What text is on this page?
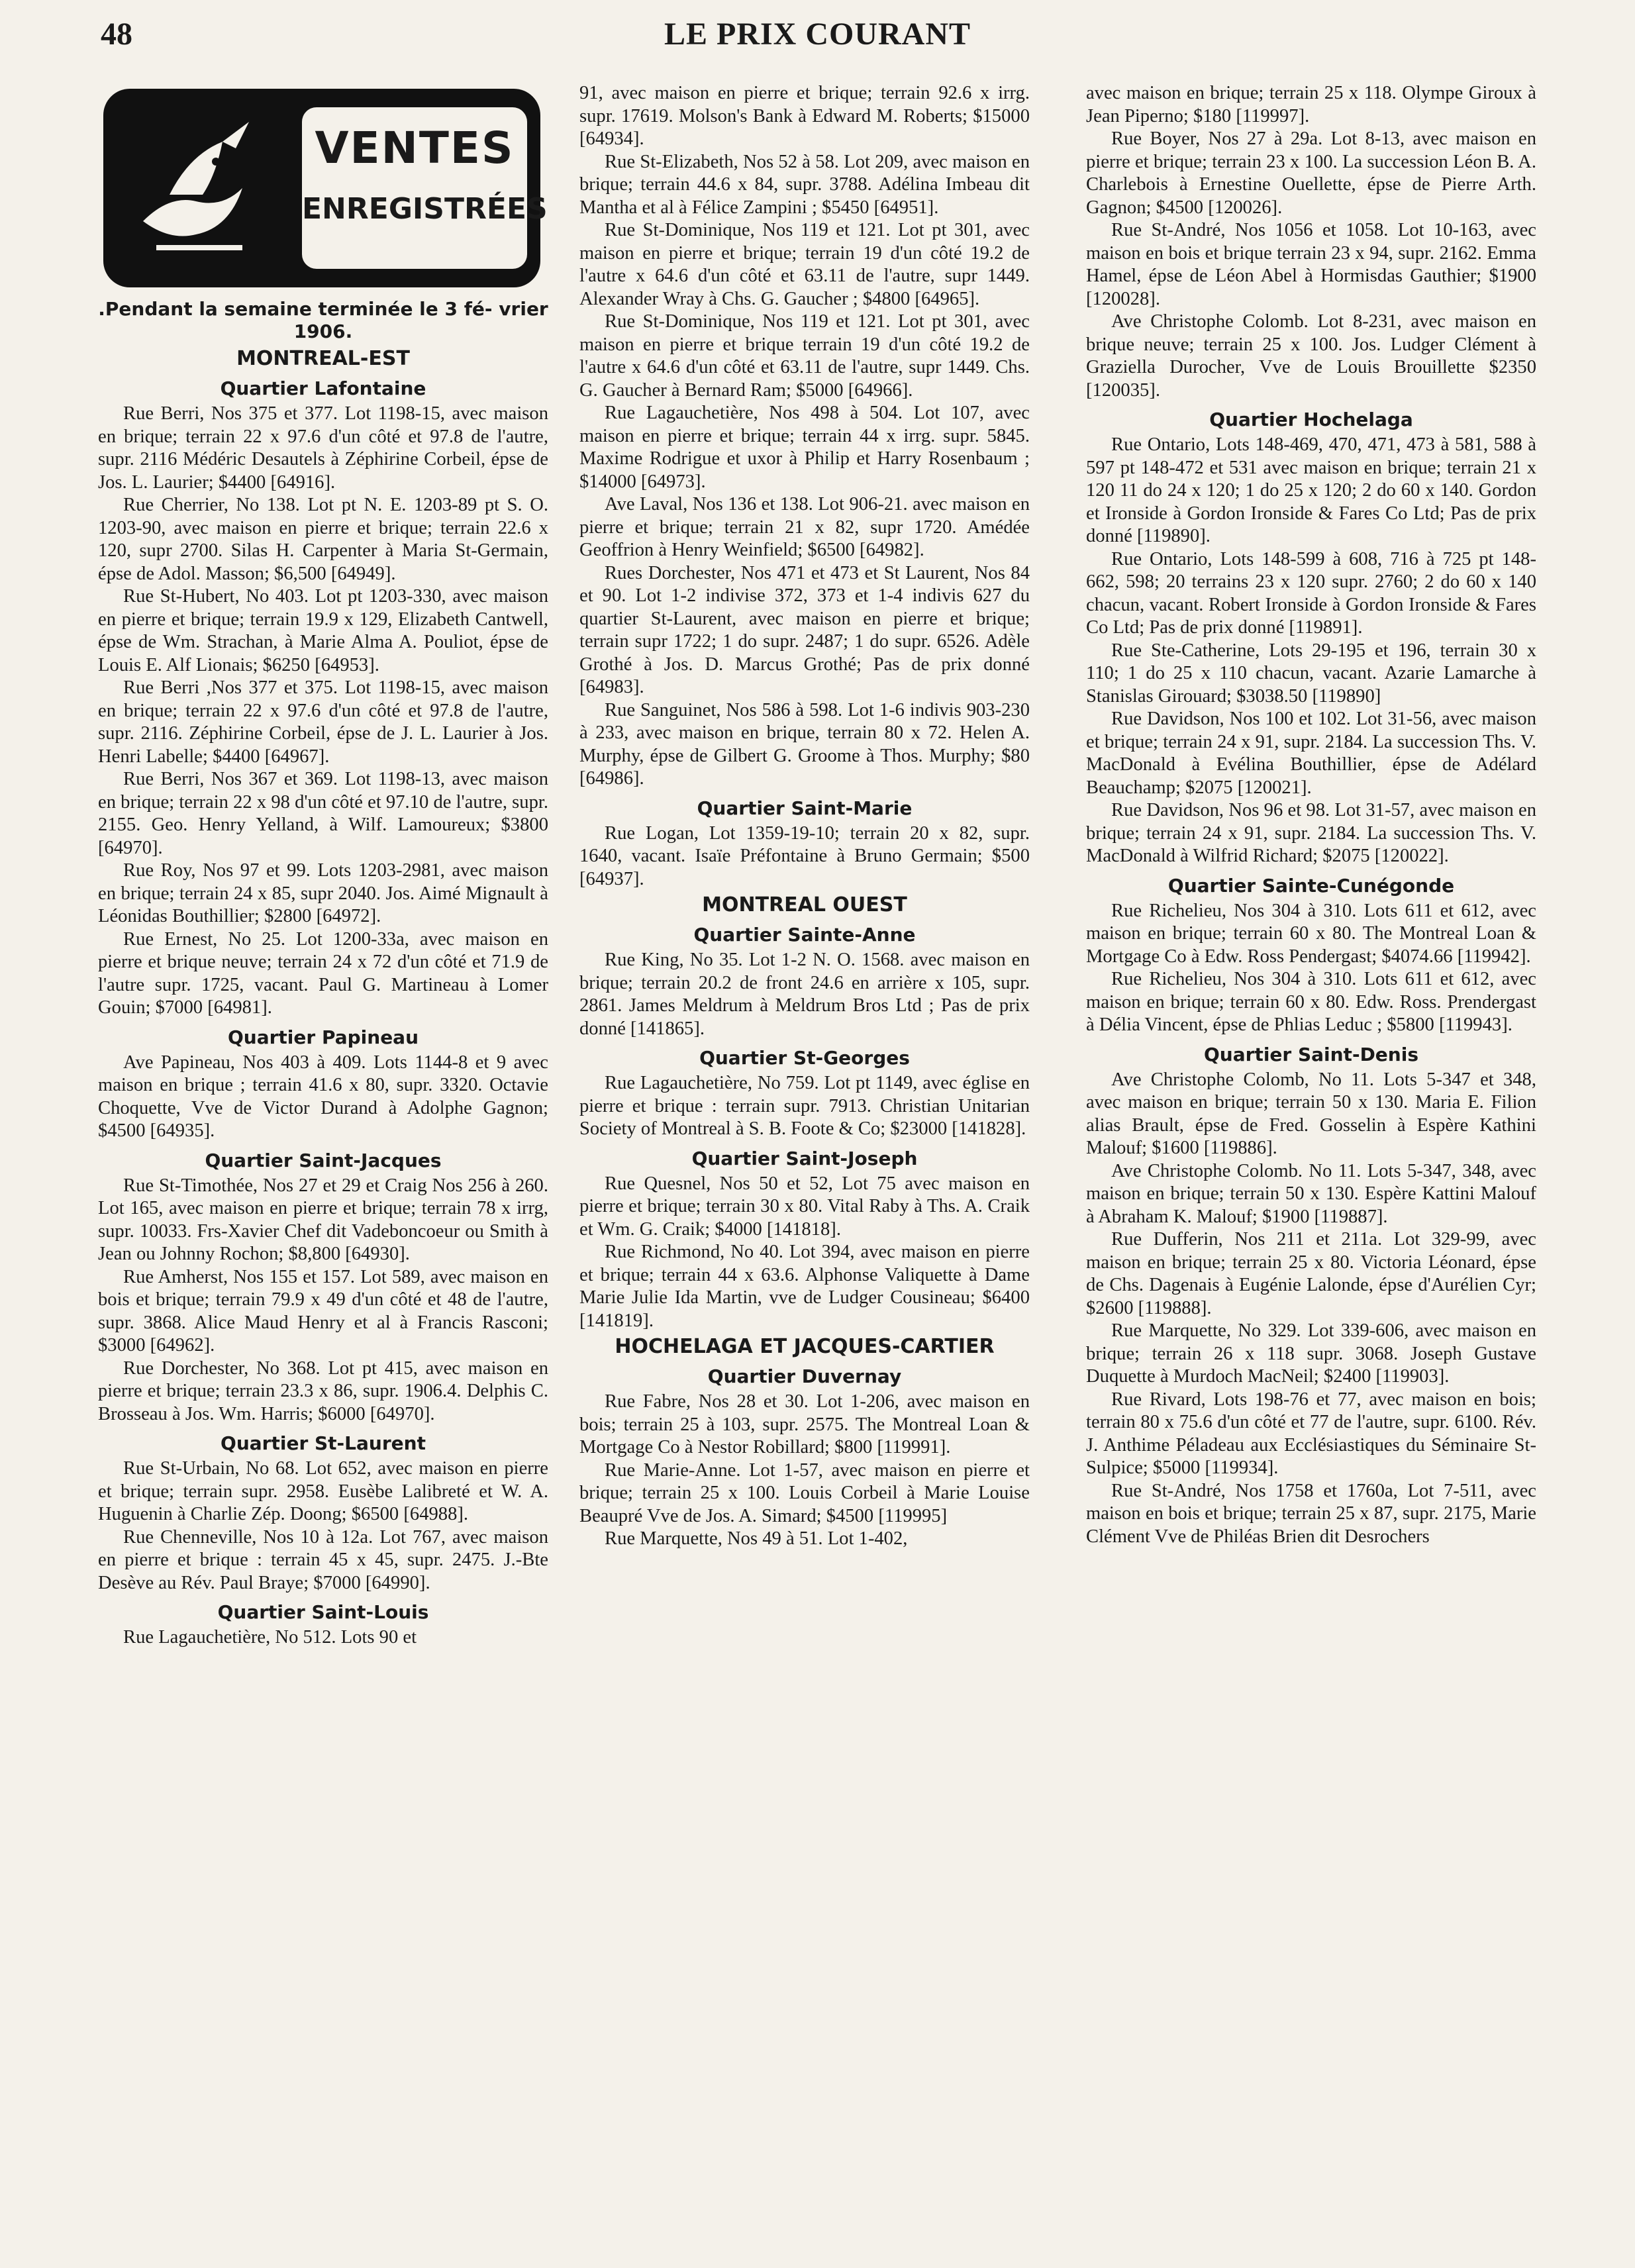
48	LE PRIX COURANT
VENTES
ENREGISTRÉES
.Pendant la semaine terminée le 3 fé- vrier 1906.
MONTREAL-EST
Quartier Lafontaine
Rue Berri, Nos 375 et 377. Lot 1198-15, avec maison en brique; terrain 22 x 97.6 d'un côté et 97.8 de l'autre, supr. 2116 Médéric Desautels à Zéphirine Corbeil, épse de Jos. L. Laurier; $4400 [64916].
Rue Cherrier, No 138. Lot pt N. E. 1203-89 pt S. O. 1203-90, avec maison en pierre et brique; terrain 22.6 x 120, supr 2700. Silas H. Carpenter à Maria St-Germain, épse de Adol. Masson; $6,500 [64949].
Rue St-Hubert, No 403. Lot pt 1203-330, avec maison en pierre et brique; terrain 19.9 x 129, Elizabeth Cantwell, épse de Wm. Strachan, à Marie Alma A. Pouliot, épse de Louis E. Alf Lionais; $6250 [64953].
Rue Berri ,Nos 377 et 375. Lot 1198-15, avec maison en brique; terrain 22 x 97.6 d'un côté et 97.8 de l'autre, supr. 2116. Zéphirine Corbeil, épse de J. L. Laurier à Jos. Henri Labelle; $4400 [64967].
Rue Berri, Nos 367 et 369. Lot 1198-13, avec maison en brique; terrain 22 x 98 d'un côté et 97.10 de l'autre, supr. 2155. Geo. Henry Yelland, à Wilf. Lamoureux; $3800 [64970].
Rue Roy, Nos 97 et 99. Lots 1203-2981, avec maison en brique; terrain 24 x 85, supr 2040. Jos. Aimé Mignault à Léonidas Bouthillier; $2800 [64972].
Rue Ernest, No 25. Lot 1200-33a, avec maison en pierre et brique neuve; terrain 24 x 72 d'un côté et 71.9 de l'autre supr. 1725, vacant. Paul G. Martineau à Lomer Gouin; $7000 [64981].
Quartier Papineau
Ave Papineau, Nos 403 à 409. Lots 1144-8 et 9 avec maison en brique ; terrain 41.6 x 80, supr. 3320. Octavie Choquette, Vve de Victor Durand à Adolphe Gagnon; $4500 [64935].
Quartier Saint-Jacques
Rue St-Timothée, Nos 27 et 29 et Craig Nos 256 à 260. Lot 165, avec maison en pierre et brique; terrain 78 x irrg, supr. 10033. Frs-Xavier Chef dit Vadeboncoeur ou Smith à Jean ou Johnny Rochon; $8,800 [64930].
Rue Amherst, Nos 155 et 157. Lot 589, avec maison en bois et brique; terrain 79.9 x 49 d'un côté et 48 de l'autre, supr. 3868. Alice Maud Henry et al à Francis Rasconi; $3000 [64962].
Rue Dorchester, No 368. Lot pt 415, avec maison en pierre et brique; terrain 23.3 x 86, supr. 1906.4. Delphis C. Brosseau à Jos. Wm. Harris; $6000 [64970].
Quartier St-Laurent
Rue St-Urbain, No 68. Lot 652, avec maison en pierre et brique; terrain supr. 2958. Eusèbe Lalibreté et W. A. Huguenin à Charlie Zép. Doong; $6500 [64988].
Rue Chenneville, Nos 10 à 12a. Lot 767, avec maison en pierre et brique : terrain 45 x 45, supr. 2475. J.-Bte Desève au Rév. Paul Braye; $7000 [64990].
Quartier Saint-Louis
Rue Lagauchetière, No 512. Lots 90 et
91, avec maison en pierre et brique; terrain 92.6 x irrg. supr. 17619. Molson's Bank à Edward M. Roberts; $15000 [64934].
Rue St-Elizabeth, Nos 52 à 58. Lot 209, avec maison en brique; terrain 44.6 x 84, supr. 3788. Adélina Imbeau dit Mantha et al à Félice Zampini ; $5450 [64951].
Rue St-Dominique, Nos 119 et 121. Lot pt 301, avec maison en pierre et brique; terrain 19 d'un côté 19.2 de l'autre x 64.6 d'un côté et 63.11 de l'autre, supr 1449. Alexander Wray à Chs. G. Gaucher ; $4800 [64965].
Rue St-Dominique, Nos 119 et 121. Lot pt 301, avec maison en pierre et brique terrain 19 d'un côté 19.2 de l'autre x 64.6 d'un côté et 63.11 de l'autre, supr 1449. Chs. G. Gaucher à Bernard Ram; $5000 [64966].
Rue Lagauchetière, Nos 498 à 504. Lot 107, avec maison en pierre et brique; terrain 44 x irrg. supr. 5845. Maxime Rodrigue et uxor à Philip et Harry Rosenbaum ; $14000 [64973].
Ave Laval, Nos 136 et 138. Lot 906-21. avec maison en pierre et brique; terrain 21 x 82, supr 1720. Amédée Geoffrion à Henry Weinfield; $6500 [64982].
Rues Dorchester, Nos 471 et 473 et St Laurent, Nos 84 et 90. Lot 1-2 indivise 372, 373 et 1-4 indivis 627 du quartier St-Laurent, avec maison en pierre et brique; terrain supr 1722; 1 do supr. 2487; 1 do supr. 6526. Adèle Grothé à Jos. D. Marcus Grothé; Pas de prix donné [64983].
Rue Sanguinet, Nos 586 à 598. Lot 1-6 indivis 903-230 à 233, avec maison en brique, terrain 80 x 72. Helen A. Murphy, épse de Gilbert G. Groome à Thos. Murphy; $80 [64986].
Quartier Saint-Marie
Rue Logan, Lot 1359-19-10; terrain 20 x 82, supr. 1640, vacant. Isaïe Préfontaine à Bruno Germain; $500 [64937].
MONTREAL OUEST
Quartier Sainte-Anne
Rue King, No 35. Lot 1-2 N. O. 1568. avec maison en brique; terrain 20.2 de front 24.6 en arrière x 105, supr. 2861. James Meldrum à Meldrum Bros Ltd ; Pas de prix donné [141865].
Quartier St-Georges
Rue Lagauchetière, No 759. Lot pt 1149, avec église en pierre et brique : terrain supr. 7913. Christian Unitarian Society of Montreal à S. B. Foote & Co; $23000 [141828].
Quartier Saint-Joseph
Rue Quesnel, Nos 50 et 52, Lot 75 avec maison en pierre et brique; terrain 30 x 80. Vital Raby à Ths. A. Craik et Wm. G. Craik; $4000 [141818].
Rue Richmond, No 40. Lot 394, avec maison en pierre et brique; terrain 44 x 63.6. Alphonse Valiquette à Dame Marie Julie Ida Martin, vve de Ludger Cousineau; $6400 [141819].
HOCHELAGA ET JACQUES-CARTIER
Quartier Duvernay
Rue Fabre, Nos 28 et 30. Lot 1-206, avec maison en bois; terrain 25 à 103, supr. 2575. The Montreal Loan & Mortgage Co à Nestor Robillard; $800 [119991].
Rue Marie-Anne. Lot 1-57, avec maison en pierre et brique; terrain 25 x 100. Louis Corbeil à Marie Louise Beaupré Vve de Jos. A. Simard; $4500 [119995]
Rue Marquette, Nos 49 à 51. Lot 1-402,
avec maison en brique; terrain 25 x 118. Olympe Giroux à Jean Piperno; $180 [119997].
Rue Boyer, Nos 27 à 29a. Lot 8-13, avec maison en pierre et brique; terrain 23 x 100. La succession Léon B. A. Charlebois à Ernestine Ouellette, épse de Pierre Arth. Gagnon; $4500 [120026].
Rue St-André, Nos 1056 et 1058. Lot 10-163, avec maison en bois et brique terrain 23 x 94, supr. 2162. Emma Hamel, épse de Léon Abel à Hormisdas Gauthier; $1900 [120028].
Ave Christophe Colomb. Lot 8-231, avec maison en brique neuve; terrain 25 x 100. Jos. Ludger Clément à Graziella Durocher, Vve de Louis Brouillette $2350 [120035].
Quartier Hochelaga
Rue Ontario, Lots 148-469, 470, 471, 473 à 581, 588 à 597 pt 148-472 et 531 avec maison en brique; terrain 21 x 120 11 do 24 x 120; 1 do 25 x 120; 2 do 60 x 140. Gordon et Ironside à Gordon Ironside & Fares Co Ltd; Pas de prix donné [119890].
Rue Ontario, Lots 148-599 à 608, 716 à 725 pt 148-662, 598; 20 terrains 23 x 120 supr. 2760; 2 do 60 x 140 chacun, vacant. Robert Ironside à Gordon Ironside & Fares Co Ltd; Pas de prix donné [119891].
Rue Ste-Catherine, Lots 29-195 et 196, terrain 30 x 110; 1 do 25 x 110 chacun, vacant. Azarie Lamarche à Stanislas Girouard; $3038.50 [119890]
Rue Davidson, Nos 100 et 102. Lot 31-56, avec maison et brique; terrain 24 x 91, supr. 2184. La succession Ths. V. MacDonald à Evélina Bouthillier, épse de Adélard Beauchamp; $2075 [120021].
Rue Davidson, Nos 96 et 98. Lot 31-57, avec maison en brique; terrain 24 x 91, supr. 2184. La succession Ths. V. MacDonald à Wilfrid Richard; $2075 [120022].
Quartier Sainte-Cunégonde
Rue Richelieu, Nos 304 à 310. Lots 611 et 612, avec maison en brique; terrain 60 x 80. The Montreal Loan & Mortgage Co à Edw. Ross Pendergast; $4074.66 [119942].
Rue Richelieu, Nos 304 à 310. Lots 611 et 612, avec maison en brique; terrain 60 x 80. Edw. Ross. Prendergast à Délia Vincent, épse de Phlias Leduc ; $5800 [119943].
Quartier Saint-Denis
Ave Christophe Colomb, No 11. Lots 5-347 et 348, avec maison en brique; terrain 50 x 130. Maria E. Filion alias Brault, épse de Fred. Gosselin à Espère Kathini Malouf; $1600 [119886].
Ave Christophe Colomb. No 11. Lots 5-347, 348, avec maison en brique; terrain 50 x 130. Espère Kattini Malouf à Abraham K. Malouf; $1900 [119887].
Rue Dufferin, Nos 211 et 211a. Lot 329-99, avec maison en brique; terrain 25 x 80. Victoria Léonard, épse de Chs. Dagenais à Eugénie Lalonde, épse d'Aurélien Cyr; $2600 [119888].
Rue Marquette, No 329. Lot 339-606, avec maison en brique; terrain 26 x 118 supr. 3068. Joseph Gustave Duquette à Murdoch MacNeil; $2400 [119903].
Rue Rivard, Lots 198-76 et 77, avec maison en bois; terrain 80 x 75.6 d'un côté et 77 de l'autre, supr. 6100. Rév. J. Anthime Péladeau aux Ecclésiastiques du Séminaire St-Sulpice; $5000 [119934].
Rue St-André, Nos 1758 et 1760a, Lot 7-511, avec maison en bois et brique; terrain 25 x 87, supr. 2175, Marie Clément Vve de Philéas Brien dit Desrochers
